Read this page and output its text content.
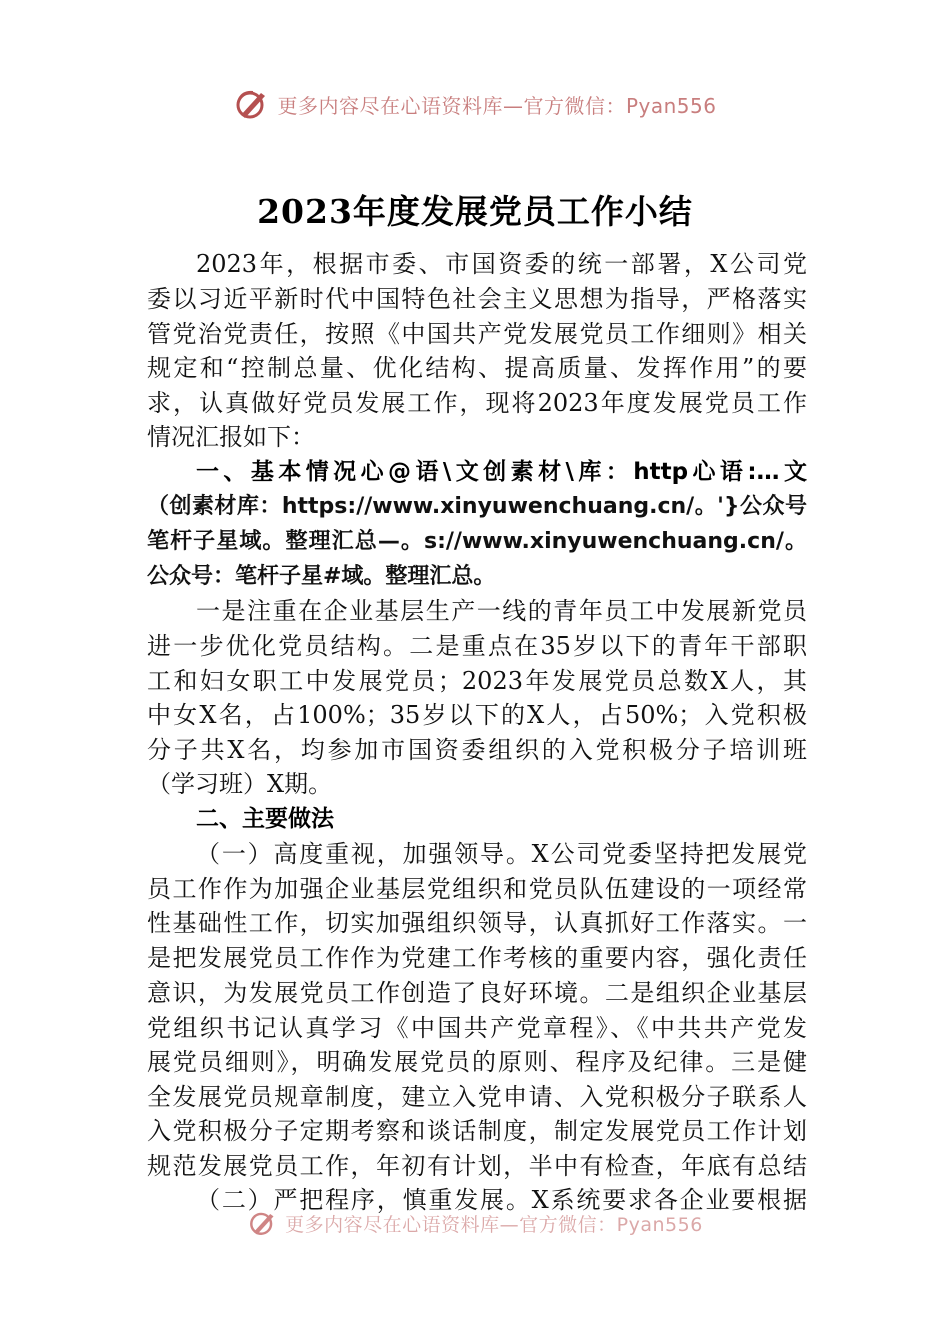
更多内容尽在心语资料库—官方微信：Pyan556
2023年度发展党员工作小结
2023年，根据市委、市国资委的统一部署，X公司党
委以习近平新时代中国特色社会主义思想为指导，严格落实
管党治党责任，按照《中国共产党发展党员工作细则》相关
规定和“控制总量、优化结构、提高质量、发挥作用”的要
求，认真做好党员发展工作，现将2023年度发展党员工作
情况汇报如下：
一、基本情况心@语\文创素材\库：http心语:…文
（创素材库：https://www.xinyuwenchuang.cn/。'}公众号
笔杆子星域。整理汇总—。s://www.xinyuwenchuang.cn/。
公众号：笔杆子星#域。整理汇总。
一是注重在企业基层生产一线的青年员工中发展新党员
进一步优化党员结构。二是重点在35岁以下的青年干部职
工和妇女职工中发展党员；2023年发展党员总数X人，其
中女X名，占100%；35岁以下的X人，占50%；入党积极
分子共X名，均参加市国资委组织的入党积极分子培训班
（学习班）X期。
二、主要做法
（一）高度重视，加强领导。X公司党委坚持把发展党
员工作作为加强企业基层党组织和党员队伍建设的一项经常
性基础性工作，切实加强组织领导，认真抓好工作落实。一
是把发展党员工作作为党建工作考核的重要内容，强化责任
意识，为发展党员工作创造了良好环境。二是组织企业基层
党组织书记认真学习《中国共产党章程》、《中共共产党发
展党员细则》，明确发展党员的原则、程序及纪律。三是健
全发展党员规章制度，建立入党申请、入党积极分子联系人
入党积极分子定期考察和谈话制度，制定发展党员工作计划
规范发展党员工作，年初有计划，半中有检查，年底有总结
（二）严把程序，慎重发展。X系统要求各企业要根据
更多内容尽在心语资料库—官方微信：Pyan556
